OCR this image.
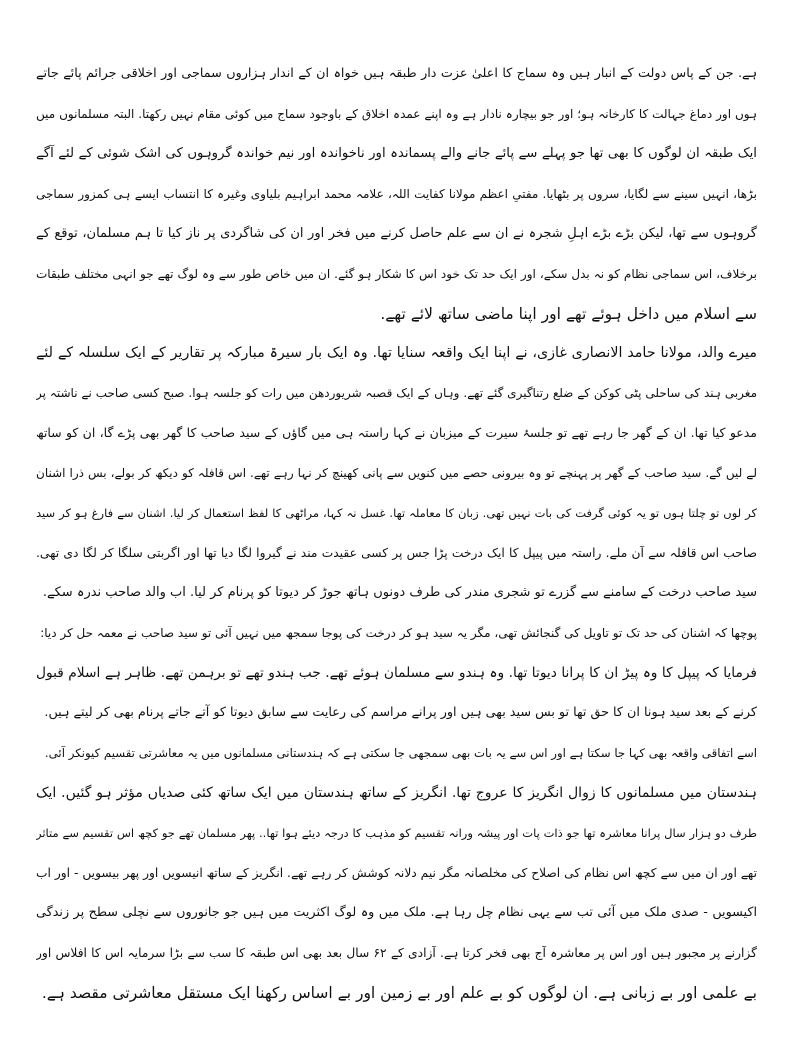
ہے. جن کے پاس دولت کے انبار ہیں وہ سماج کا اعلیٰ عزت دار طبقہ ہیں خواہ ان کے اندار ہزاروں سماجی اور اخلاقی جرائم پائے جاتے
ہوں اور دماغ جہالت کا کارخانہ ہو؛ اور جو بیچارہ نادار ہے وہ اپنے عمدہ اخلاق کے باوجود سماج میں کوئی مقام نہیں رکھتا. البتہ مسلمانوں میں
ایک طبقہ ان لوگوں کا بھی تھا جو پہلے سے پائے جانے والے پسماندہ اور ناخواندہ اور نیم خواندہ گروہوں کی اشک شوئی کے لئے آگے
بڑھا، انہیں سینے سے لگایا، سروں پر بٹھایا. مفتیِ اعظم مولانا کفایت اللہ، علامہ محمد ابراہیم بلیاوی وغیرہ کا انتساب ایسے ہی کمزور سماجی
گروہوں سے تھا، لیکن بڑے بڑے اہلِ شجرہ نے ان سے علم حاصل کرنے میں فخر اور ان کی شاگردی پر ناز کیا تا ہم مسلمان، توقع کے
برخلاف، اس سماجی نظام کو نہ بدل سکے، اور ایک حد تک خود اس کا شکار ہو گئے. ان میں خاص طور سے وہ لوگ تھے جو انہی مختلف طبقات
سے اسلام میں داخل ہوئے تھے اور اپنا ماضی ساتھ لائے تھے.
میرے والد، مولانا حامد الانصاری غازی، نے اپنا ایک واقعہ سنایا تھا. وہ ایک بار سیرۃ مبارکہ پر تقاریر کے ایک سلسلہ کے لئے
مغربی ہند کی ساحلی پٹی کوکن کے ضلع رتناگیری گئے تھے. وہاں کے ایک قصبہ شریوردھن میں رات کو جلسہ ہوا. صبح کسی صاحب نے ناشتہ پر
مدعو کیا تھا. ان کے گھر جا رہے تھے تو جلسۂ سیرت کے میزبان نے کہا راستہ ہی میں گاؤں کے سید صاحب کا گھر بھی پڑے گا، ان کو ساتھ
لے لیں گے. سید صاحب کے گھر پر پہنچے تو وہ بیرونی حصے میں کنویں سے پانی کھینچ کر نہا رہے تھے. اس قافلہ کو دیکھ کر بولے، بس ذرا اشنان
کر لوں تو چلتا ہوں تو یہ کوئی گرفت کی بات نہیں تھی. زبان کا معاملہ تھا. غسل نہ کہا، مراٹھی کا لفظ استعمال کر لیا. اشنان سے فارغ ہو کر سید
صاحب اس قافلہ سے آن ملے. راستہ میں پیپل کا ایک درخت پڑا جس پر کسی عقیدت مند نے گیروا لگا دیا تھا اور اگربتی سلگا کر لگا دی تھی.
سید صاحب درخت کے سامنے سے گزرے تو شجری مندر کی طرف دونوں ہاتھ جوڑ کر دیوتا کو پرنام کر لیا. اب والد صاحب ندرہ سکے.
پوچھا کہ اشنان کی حد تک تو تاویل کی گنجائش تھی، مگر یہ سید ہو کر درخت کی پوجا سمجھ میں نہیں آئی تو سید صاحب نے معمہ حل کر دیا:
فرمایا کہ پیپل کا وہ پیڑ ان کا پرانا دیوتا تھا. وہ ہندو سے مسلمان ہوئے تھے. جب ہندو تھے تو برہمن تھے. ظاہر ہے اسلام قبول
کرنے کے بعد سید ہونا ان کا حق تھا تو بس سید بھی ہیں اور پرانے مراسم کی رعایت سے سابق دیوتا کو آتے جاتے پرنام بھی کر لیتے ہیں.
اسے اتفاقی واقعہ بھی کہا جا سکتا ہے اور اس سے یہ بات بھی سمجھی جا سکتی ہے کہ ہندستانی مسلمانوں میں یہ معاشرتی تقسیم کیونکر آئی.
ہندستان میں مسلمانوں کا زوال انگریز کا عروج تھا. انگریز کے ساتھ ہندستان میں ایک ساتھ کئی صدیاں مؤثر ہو گئیں. ایک
طرف دو ہزار سال پرانا معاشرہ تھا جو ذات پات اور پیشہ ورانہ تقسیم کو مذہب کا درجہ دیئے ہوا تھا.. پھر مسلمان تھے جو کچھ اس تقسیم سے متاثر
تھے اور ان میں سے کچھ اس نظام کی اصلاح کی مخلصانہ مگر نیم دلانہ کوشش کر رہے تھے. انگریز کے ساتھ انیسویں اور پھر بیسویں - اور اب
اکیسویں - صدی ملک میں آئی تب سے یہی نظام چل رہا ہے. ملک میں وہ لوگ اکثریت میں ہیں جو جانوروں سے نچلی سطح پر زندگی
گزارنے پر مجبور ہیں اور اس پر معاشرہ آج بھی فخر کرتا ہے. آزادی کے ۶۲ سال بعد بھی اس طبقہ کا سب سے بڑا سرمایہ اس کا افلاس اور
بے علمی اور بے زبانی ہے. ان لوگوں کو بے علم اور بے زمین اور بے اساس رکھنا ایک مستقل معاشرتی مقصد ہے.
